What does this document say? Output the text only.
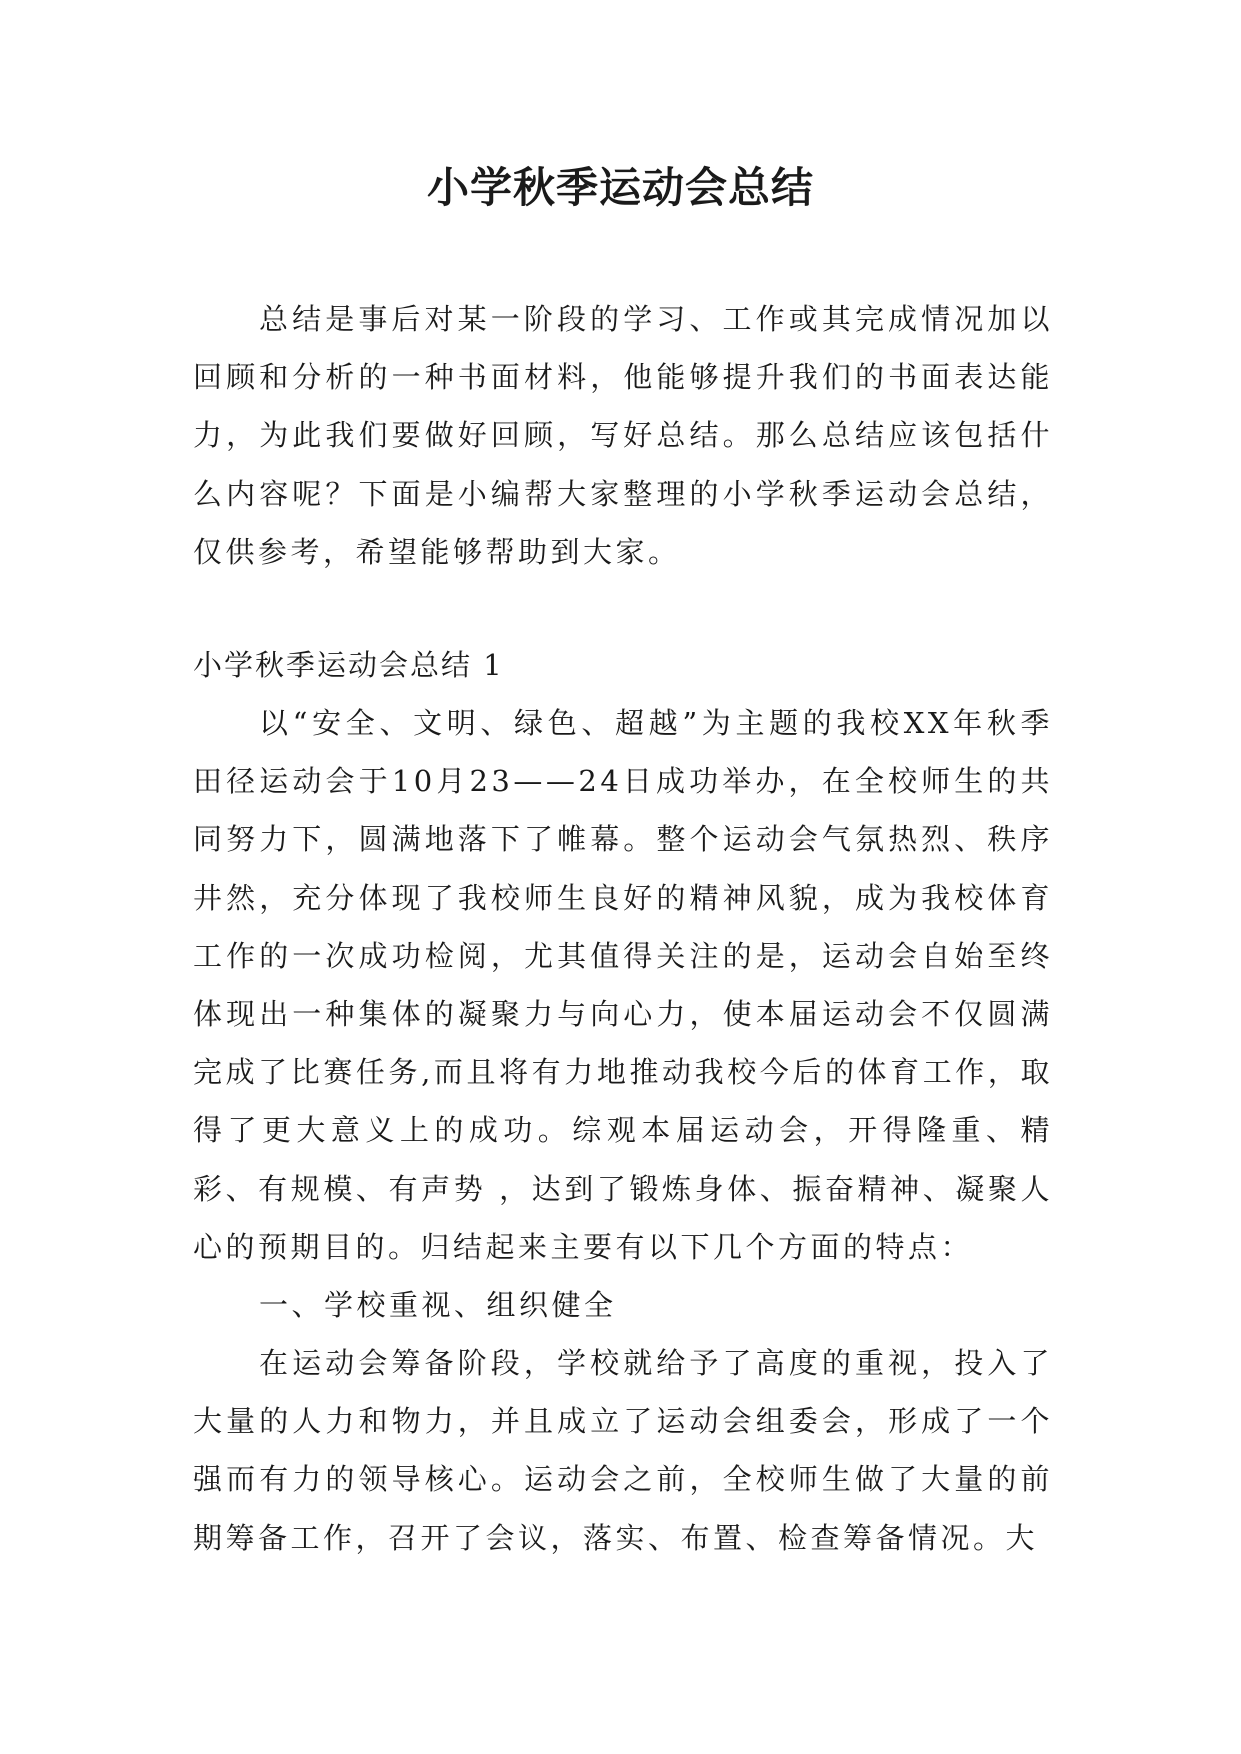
小学秋季运动会总结

总结是事后对某一阶段的学习、工作或其完成情况加以回顾和分析的一种书面材料，他能够提升我们的书面表达能力，为此我们要做好回顾，写好总结。那么总结应该包括什么内容呢？下面是小编帮大家整理的小学秋季运动会总结，仅供参考，希望能够帮助到大家。

小学秋季运动会总结 1

以“安全、文明、绿色、超越”为主题的我校XX年秋季田径运动会于10月23——24日成功举办，在全校师生的共同努力下，圆满地落下了帷幕。整个运动会气氛热烈、秩序井然，充分体现了我校师生良好的精神风貌，成为我校体育工作的一次成功检阅，尤其值得关注的是，运动会自始至终体现出一种集体的凝聚力与向心力，使本届运动会不仅圆满完成了比赛任务,而且将有力地推动我校今后的体育工作，取得了更大意义上的成功。综观本届运动会，开得隆重、精彩、有规模、有声势 ，达到了锻炼身体、振奋精神、凝聚人心的预期目的。归结起来主要有以下几个方面的特点：

一、学校重视、组织健全

在运动会筹备阶段，学校就给予了高度的重视，投入了大量的人力和物力，并且成立了运动会组委会，形成了一个强而有力的领导核心。运动会之前，全校师生做了大量的前期筹备工作，召开了会议，落实、布置、检查筹备情况。大
